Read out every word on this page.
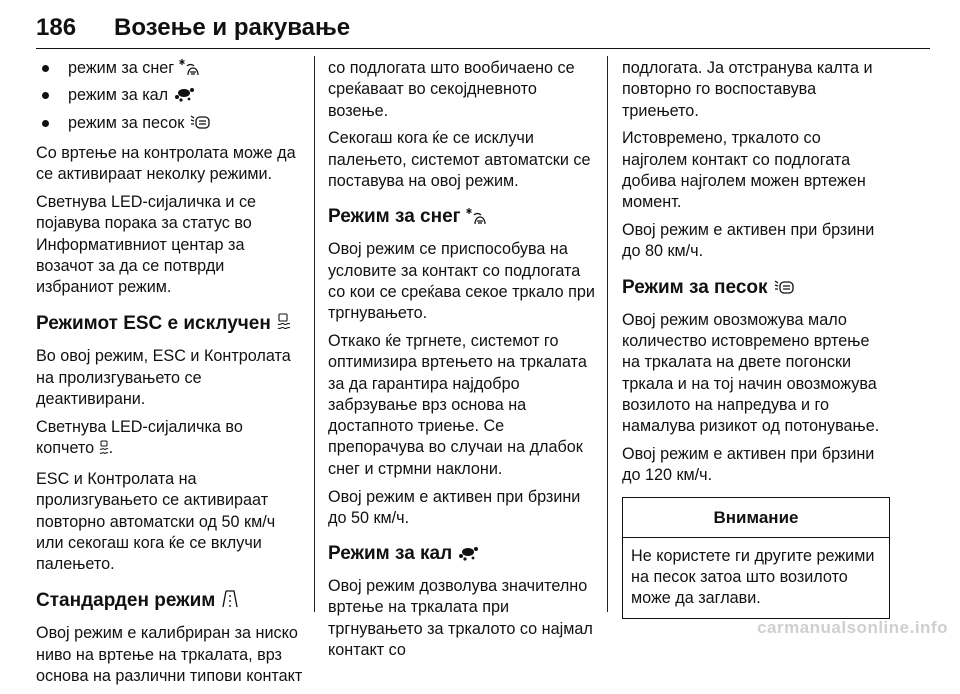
186 Возење и ракување
режим за снег
режим за кал
режим за песок

Со вртење на контролата може да се активираат неколку режими.

Светнува LED-сијаличка и се појавува порака за статус во Информативниот центар за возачот за да се потврди избраниот режим.

Режимот ESC е исклучен

Во овој режим, ESC и Контролата на пролизгувањето се деактивирани.

Светнува LED-сијаличка во копчето .

ESC и Контролата на пролизгувањето се активираат повторно автоматски од 50 км/ч или секогаш кога ќе се вклучи палењето.

Стандарден режим

Овој режим е калибриран за ниско ниво на вртење на тркалата, врз основа на различни типови контакт

со подлогата што вообичаено се среќаваат во секојдневното возење.

Секогаш кога ќе се исклучи палењето, системот автоматски се поставува на овој режим.

Режим за снег

Овој режим се приспособува на условите за контакт со подлогата со кои се среќава секое тркало при тргнувањето.

Откако ќе тргнете, системот го оптимизира вртењето на тркалата за да гарантира најдобро забрзување врз основа на достапното триење. Се препорачува во случаи на длабок снег и стрмни наклони.

Овој режим е активен при брзини до 50 км/ч.

Режим за кал

Овој режим дозволува значително вртење на тркалата при тргнувањето за тркалото со најмал контакт со

подлогата. Ја отстранува калта и повторно го воспоставува триењето.

Истовремено, тркалото со најголем контакт со подлогата добива најголем можен вртежен момент.

Овој режим е активен при брзини до 80 км/ч.

Режим за песок

Овој режим овозможува мало количество истовремено вртење на тркалата на двете погонски тркала и на тој начин овозможува возилото на напредува и го намалува ризикот од потонување.

Овој режим е активен при брзини до 120 км/ч.

Внимание
Не користете ги другите режими на песок затоа што возилото може да заглави.
carmanualsonline.info
